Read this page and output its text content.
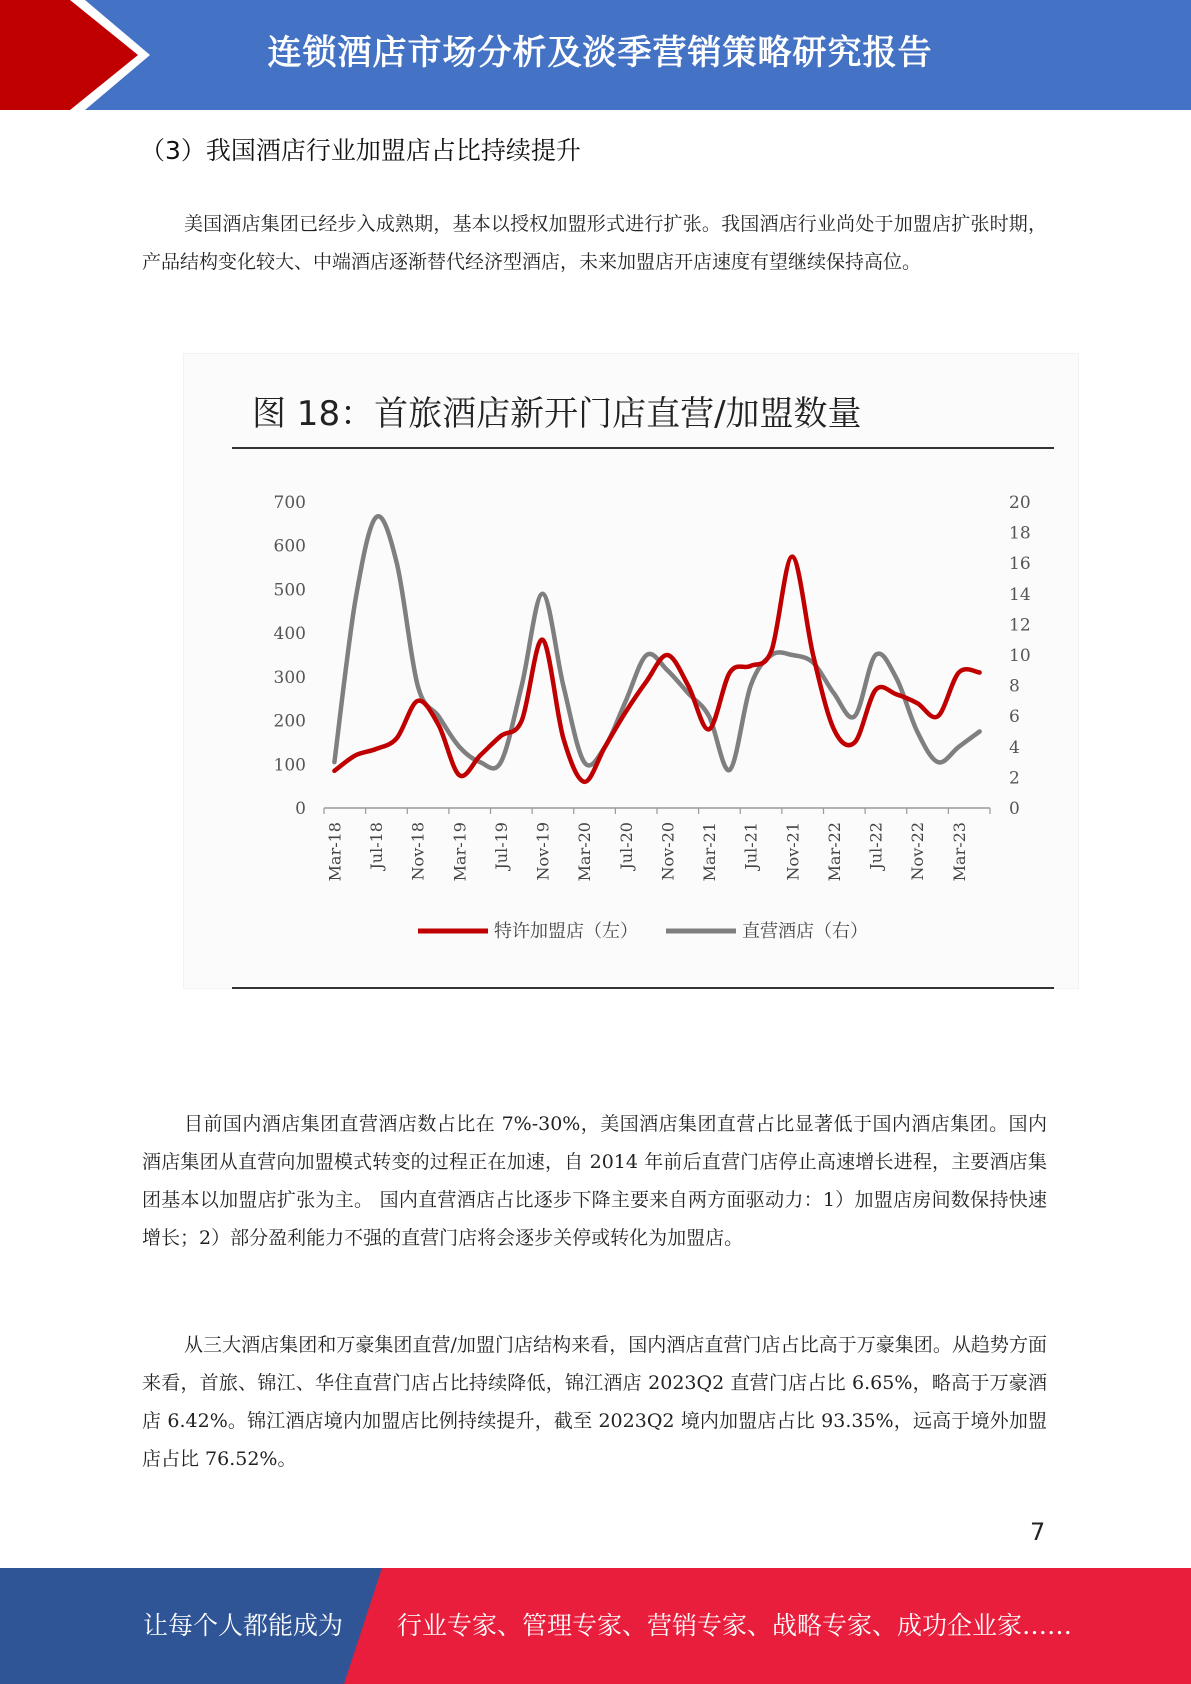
连锁酒店市场分析及淡季营销策略研究报告
（3）我国酒店行业加盟店占比持续提升

美国酒店集团已经步入成熟期，基本以授权加盟形式进行扩张。我国酒店行业尚处于加盟店扩张时期，产品结构变化较大、中端酒店逐渐替代经济型酒店，未来加盟店开店速度有望继续保持高位。

图 18：首旅酒店新开门店直营/加盟数量
Mar-18 Jul-18 Nov-18 Mar-19 Jul-19 Nov-19 Mar-20 Jul-20 Nov-20 Mar-21 Jul-21 Nov-21 Mar-22 Jul-22 Nov-22 Mar-23
0
100
200
300
400
500
600
700
0
2
4
6
8
10
12
14
16
18
20
特许加盟店（左）	直营酒店（右）

目前国内酒店集团直营酒店数占比在 7%-30%，美国酒店集团直营占比显著低于国内酒店集团。国内酒店集团从直营向加盟模式转变的过程正在加速，自 2014 年前后直营门店停止高速增长进程，主要酒店集团基本以加盟店扩张为主。 国内直营酒店占比逐步下降主要来自两方面驱动力：1）加盟店房间数保持快速增长；2）部分盈利能力不强的直营门店将会逐步关停或转化为加盟店。

从三大酒店集团和万豪集团直营/加盟门店结构来看，国内酒店直营门店占比高于万豪集团。从趋势方面来看，首旅、锦江、华住直营门店占比持续降低，锦江酒店 2023Q2 直营门店占比 6.65%，略高于万豪酒店 6.42%。锦江酒店境内加盟店比例持续提升，截至 2023Q2 境内加盟店占比 93.35%，远高于境外加盟店占比 76.52%。

7
让每个人都能成为 行业专家、管理专家、营销专家、战略专家、成功企业家……
